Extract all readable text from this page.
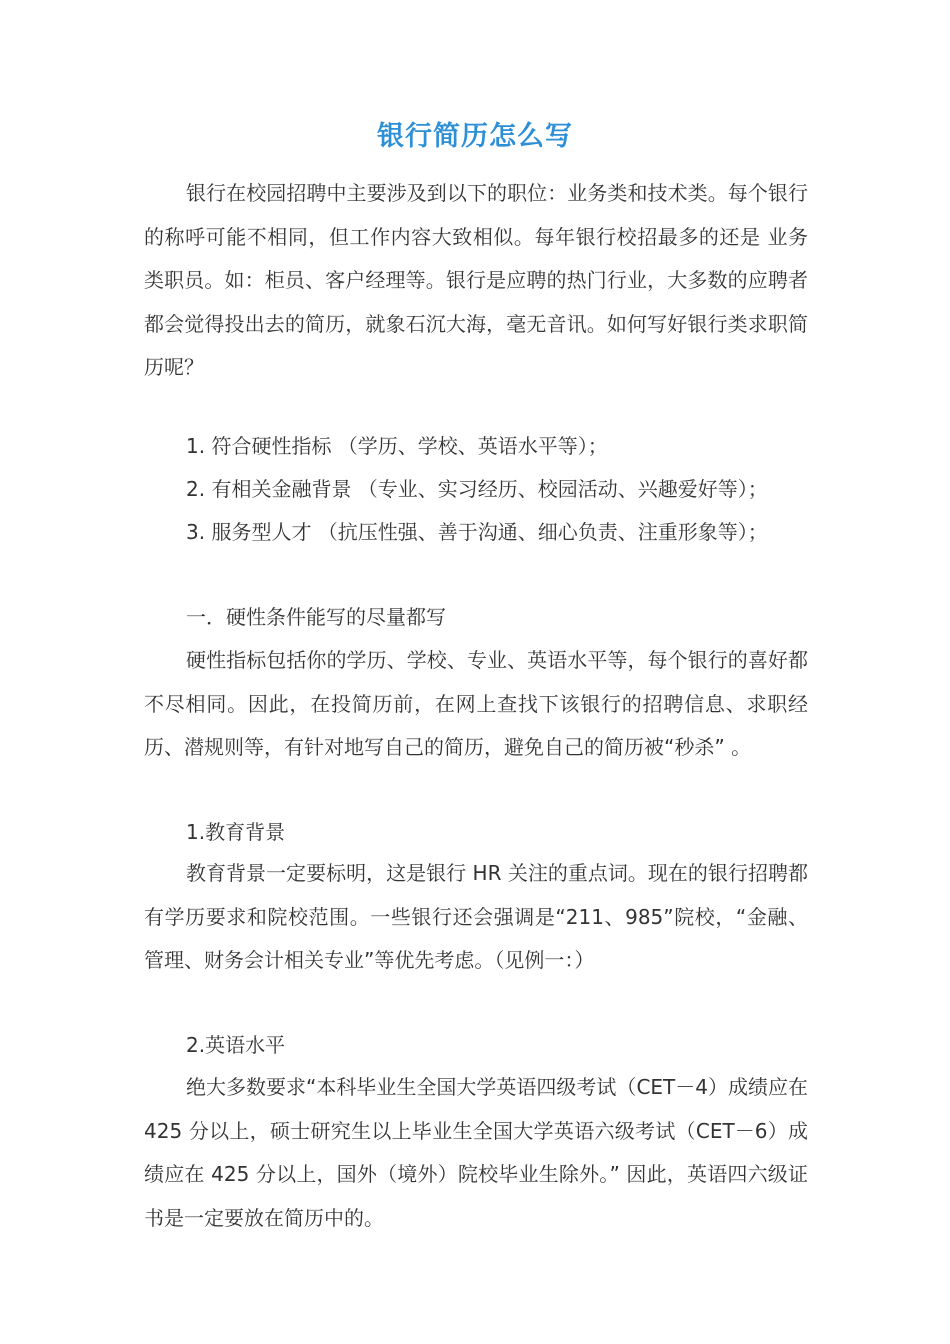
银行简历怎么写

银行在校园招聘中主要涉及到以下的职位：业务类和技术类。每个银行的称呼可能不相同，但工作内容大致相似。每年银行校招最多的还是 业务类职员。如：柜员、客户经理等。银行是应聘的热门行业，大多数的应聘者都会觉得投出去的简历，就象石沉大海，毫无音讯。如何写好银行类求职简历呢？

1. 符合硬性指标 （学历、学校、英语水平等）；

2. 有相关金融背景 （专业、实习经历、校园活动、兴趣爱好等）；

3. 服务型人才 （抗压性强、善于沟通、细心负责、注重形象等）；

一．硬性条件能写的尽量都写

硬性指标包括你的学历、学校、专业、英语水平等，每个银行的喜好都不尽相同。因此，在投简历前，在网上查找下该银行的招聘信息、求职经历、潜规则等，有针对地写自己的简历，避免自己的简历被“秒杀” 。

1.教育背景

教育背景一定要标明，这是银行 HR 关注的重点词。现在的银行招聘都有学历要求和院校范围。一些银行还会强调是“211、985”院校，“金融、管理、财务会计相关专业”等优先考虑。（见例一：）

2.英语水平

绝大多数要求“本科毕业生全国大学英语四级考试（CET－4）成绩应在 425 分以上，硕士研究生以上毕业生全国大学英语六级考试（CET－6）成绩应在 425 分以上，国外（境外）院校毕业生除外。” 因此，英语四六级证书是一定要放在简历中的。
